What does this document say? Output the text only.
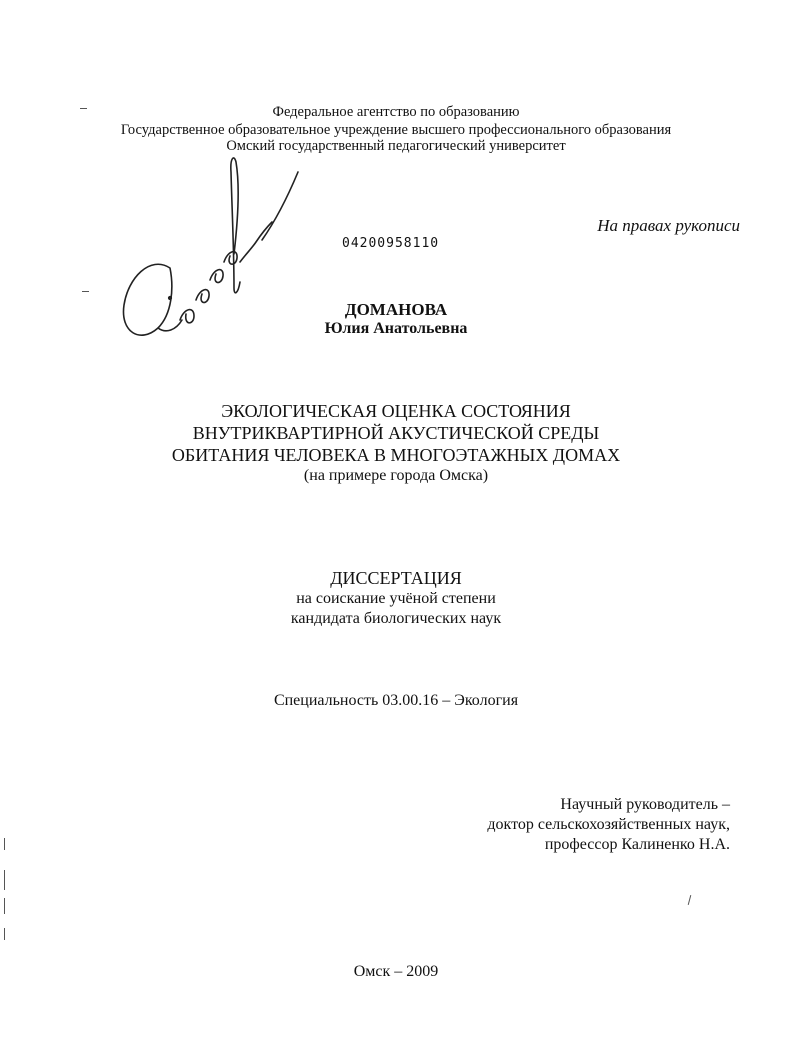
Федеральное агентство по образованию
Государственное образовательное учреждение высшего профессионального образования
Омский государственный педагогический университет
На правах рукописи
04200958110
ДОМАНОВА
Юлия Анатольевна
ЭКОЛОГИЧЕСКАЯ ОЦЕНКА СОСТОЯНИЯ
ВНУТРИКВАРТИРНОЙ АКУСТИЧЕСКОЙ СРЕДЫ
ОБИТАНИЯ ЧЕЛОВЕКА В МНОГОЭТАЖНЫХ ДОМАХ
(на примере города Омска)
ДИССЕРТАЦИЯ
на соискание учёной степени
кандидата биологических наук
Специальность 03.00.16 – Экология
Научный руководитель –
доктор сельскохозяйственных наук,
профессор Калиненко Н.А.
Омск – 2009
